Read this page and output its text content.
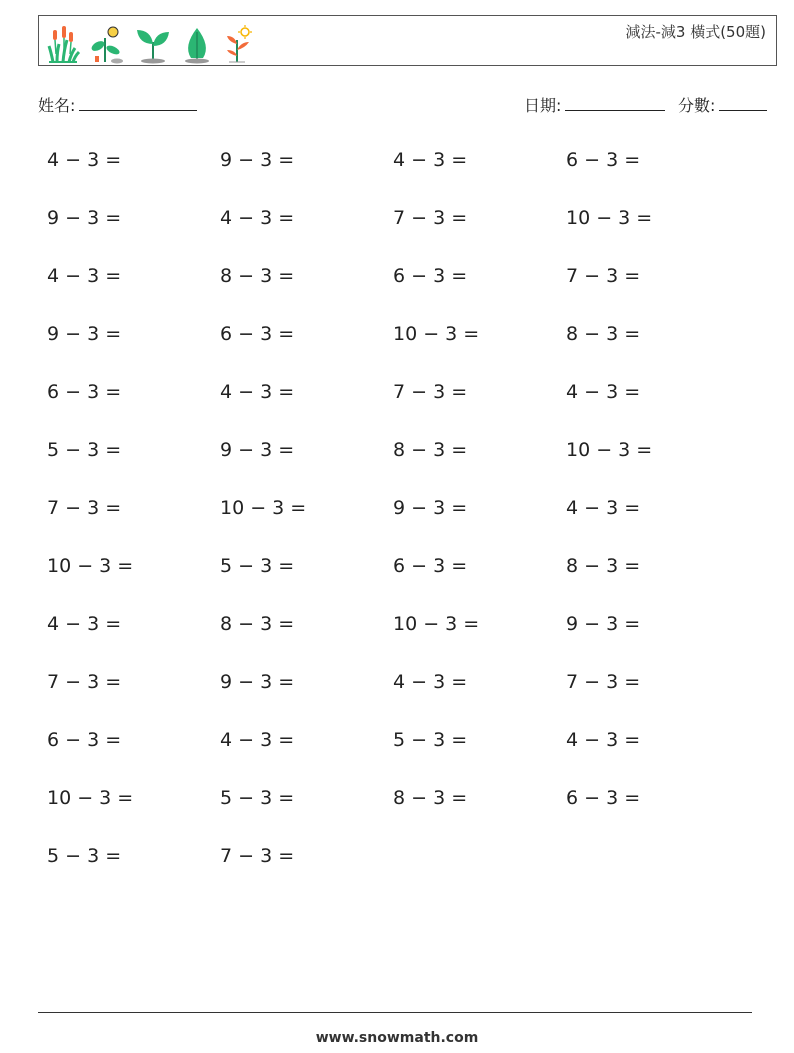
減法-減3 橫式(50題)
姓名:	日期:	分數:
4 − 3 =	9 − 3 =	4 − 3 =	6 − 3 =
9 − 3 =	4 − 3 =	7 − 3 =	10 − 3 =
4 − 3 =	8 − 3 =	6 − 3 =	7 − 3 =
9 − 3 =	6 − 3 =	10 − 3 =	8 − 3 =
6 − 3 =	4 − 3 =	7 − 3 =	4 − 3 =
5 − 3 =	9 − 3 =	8 − 3 =	10 − 3 =
7 − 3 =	10 − 3 =	9 − 3 =	4 − 3 =
10 − 3 =	5 − 3 =	6 − 3 =	8 − 3 =
4 − 3 =	8 − 3 =	10 − 3 =	9 − 3 =
7 − 3 =	9 − 3 =	4 − 3 =	7 − 3 =
6 − 3 =	4 − 3 =	5 − 3 =	4 − 3 =
10 − 3 =	5 − 3 =	8 − 3 =	6 − 3 =
5 − 3 =	7 − 3 =
www.snowmath.com
